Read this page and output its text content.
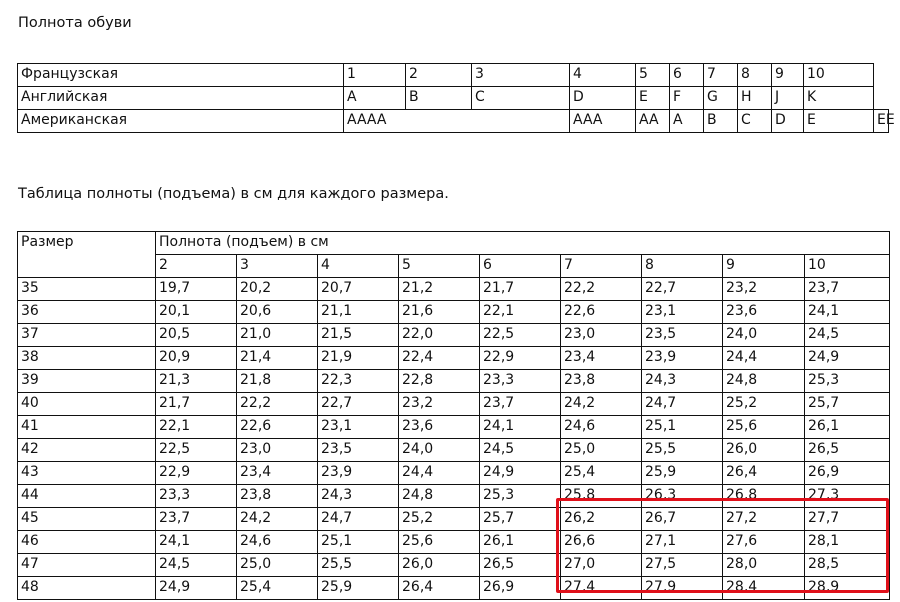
Полнота обуви
Французская	1	2	3	4	5	6	7	8	9	10	
Английская	A	B	C	D	E	F	G	H	J	K	
Американская	AAAA			AAA	AA	A	B	C	D	E	EE
Таблица полноты (подъема) в см для каждого размера.
Размер	Полнота (подъем) в см								
	2	3	4	5	6	7	8	9	10
35	19,7	20,2	20,7	21,2	21,7	22,2	22,7	23,2	23,7
36	20,1	20,6	21,1	21,6	22,1	22,6	23,1	23,6	24,1
37	20,5	21,0	21,5	22,0	22,5	23,0	23,5	24,0	24,5
38	20,9	21,4	21,9	22,4	22,9	23,4	23,9	24,4	24,9
39	21,3	21,8	22,3	22,8	23,3	23,8	24,3	24,8	25,3
40	21,7	22,2	22,7	23,2	23,7	24,2	24,7	25,2	25,7
41	22,1	22,6	23,1	23,6	24,1	24,6	25,1	25,6	26,1
42	22,5	23,0	23,5	24,0	24,5	25,0	25,5	26,0	26,5
43	22,9	23,4	23,9	24,4	24,9	25,4	25,9	26,4	26,9
44	23,3	23,8	24,3	24,8	25,3	25,8	26,3	26,8	27,3
45	23,7	24,2	24,7	25,2	25,7	26,2	26,7	27,2	27,7
46	24,1	24,6	25,1	25,6	26,1	26,6	27,1	27,6	28,1
47	24,5	25,0	25,5	26,0	26,5	27,0	27,5	28,0	28,5
48	24,9	25,4	25,9	26,4	26,9	27,4	27,9	28,4	28,9
